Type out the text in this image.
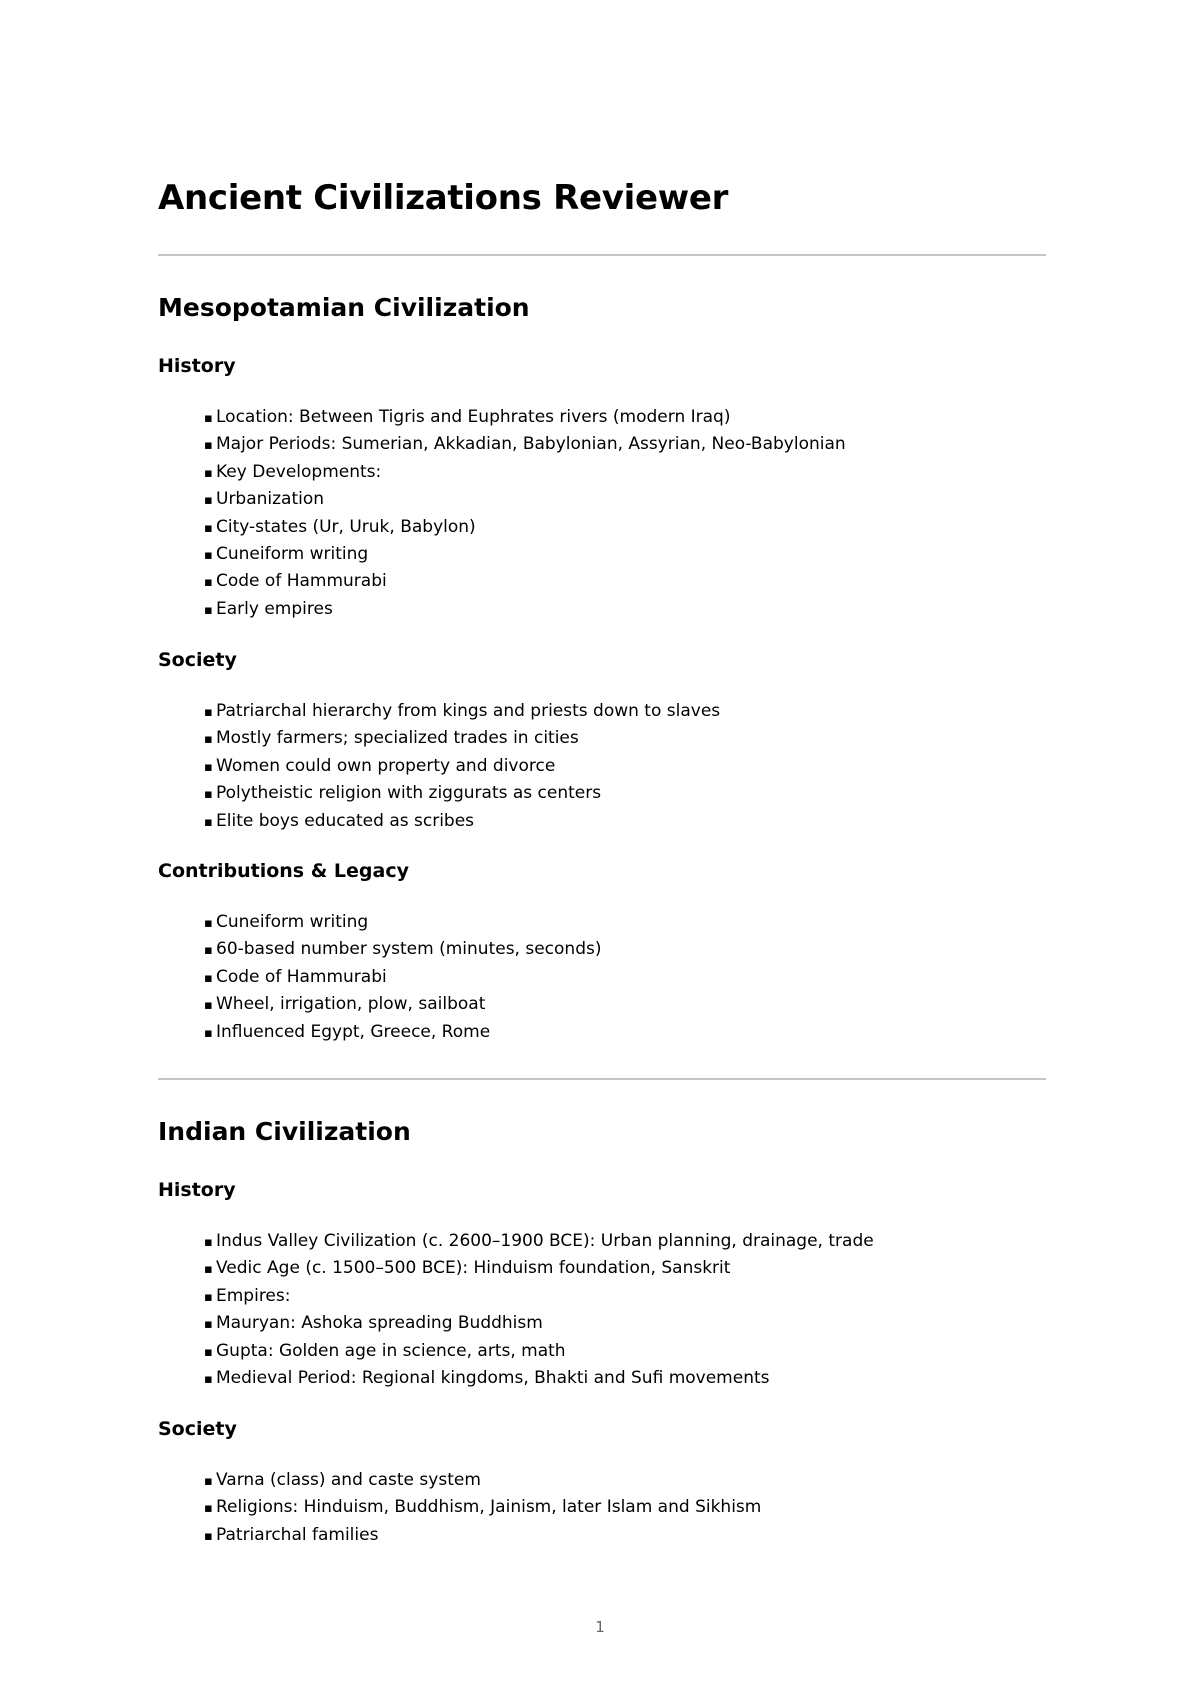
Ancient Civilizations Reviewer
Mesopotamian Civilization
History
▪ Location: Between Tigris and Euphrates rivers (modern Iraq)
▪ Major Periods: Sumerian, Akkadian, Babylonian, Assyrian, Neo-Babylonian
▪ Key Developments:
▪ Urbanization
▪ City-states (Ur, Uruk, Babylon)
▪ Cuneiform writing
▪ Code of Hammurabi
▪ Early empires
Society
▪ Patriarchal hierarchy from kings and priests down to slaves
▪ Mostly farmers; specialized trades in cities
▪ Women could own property and divorce
▪ Polytheistic religion with ziggurats as centers
▪ Elite boys educated as scribes
Contributions & Legacy
▪ Cuneiform writing
▪ 60-based number system (minutes, seconds)
▪ Code of Hammurabi
▪ Wheel, irrigation, plow, sailboat
▪ Influenced Egypt, Greece, Rome
Indian Civilization
History
▪ Indus Valley Civilization (c. 2600–1900 BCE): Urban planning, drainage, trade
▪ Vedic Age (c. 1500–500 BCE): Hinduism foundation, Sanskrit
▪ Empires:
▪ Mauryan: Ashoka spreading Buddhism
▪ Gupta: Golden age in science, arts, math
▪ Medieval Period: Regional kingdoms, Bhakti and Sufi movements
Society
▪ Varna (class) and caste system
▪ Religions: Hinduism, Buddhism, Jainism, later Islam and Sikhism
▪ Patriarchal families
1
